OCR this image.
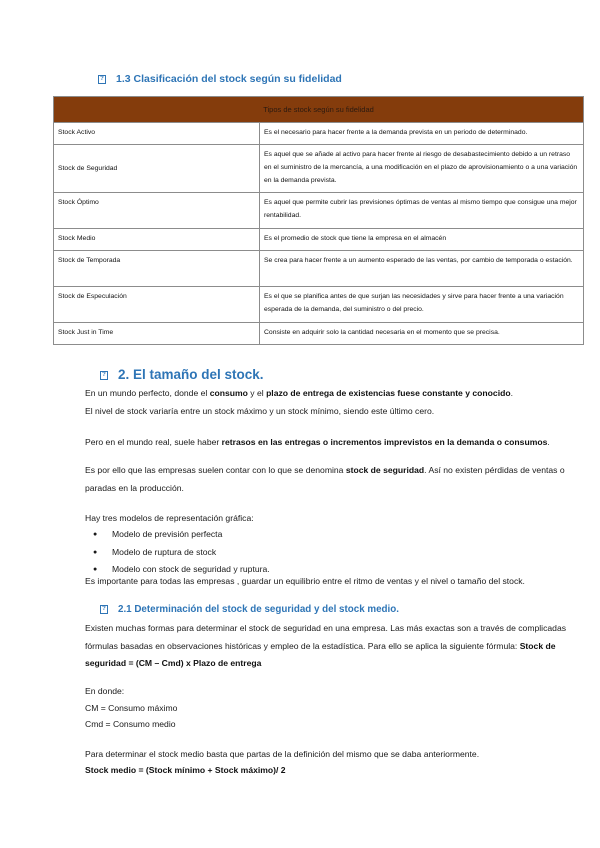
? 1.3 Clasificación del stock según su fidelidad
Tipos de stock según su fidelidad	
Stock Activo	Es el necesario para hacer frente a la demanda prevista en un periodo de determinado.
Stock de Seguridad	Es aquel que se añade al activo para hacer frente al riesgo de desabastecimiento debido a un retraso en el suministro de la mercancía, a una modificación en el plazo de aprovisionamiento o a una variación en la demanda prevista.
Stock Óptimo	Es aquel que permite cubrir las previsiones óptimas de ventas al mismo tiempo que consigue una mejor rentabilidad.
Stock Medio	Es el promedio de stock que tiene la empresa en el almacén
Stock de Temporada	Se crea para hacer frente a un aumento esperado de las ventas, por cambio de temporada o estación.
Stock de Especulación	Es el que se planifica antes de que surjan las necesidades y sirve para hacer frente a una variación esperada de la demanda, del suministro o del precio.
Stock Just in Time	Consiste en adquirir solo la cantidad necesaria en el momento que se precisa.
? 2. El tamaño del stock.
En un mundo perfecto, donde el consumo y el plazo de entrega de existencias fuese constante y conocido.
El nivel de stock variaría entre un stock máximo y un stock mínimo, siendo este último cero.
Pero en el mundo real, suele haber retrasos en las entregas o incrementos imprevistos en la demanda o consumos.
Es por ello que las empresas suelen contar con lo que se denomina stock de seguridad. Así no existen pérdidas de ventas o paradas en la producción.
Hay tres modelos de representación gráfica:
● Modelo de previsión perfecta
● Modelo de ruptura de stock
● Modelo con stock de seguridad y ruptura.
Es importante para todas las empresas , guardar un equilibrio entre el ritmo de ventas y el nivel o tamaño del stock.
? 2.1 Determinación del stock de seguridad y del stock medio.
Existen muchas formas para determinar el stock de seguridad en una empresa. Las más exactas son a través de complicadas fórmulas basadas en observaciones históricas y empleo de la estadística. Para ello se aplica la siguiente fórmula: Stock de seguridad = (CM – Cmd) x Plazo de entrega
En donde:
CM = Consumo máximo
Cmd = Consumo medio
Para determinar el stock medio basta que partas de la definición del mismo que se daba anteriormente.
Stock medio = (Stock mínimo + Stock máximo)/ 2
